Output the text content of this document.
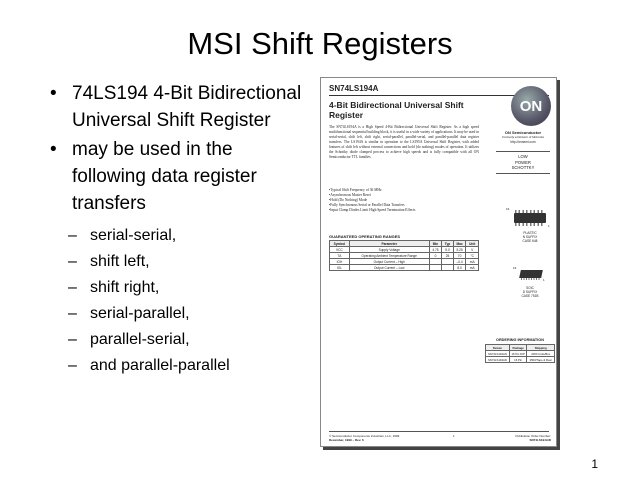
MSI Shift Registers
• 74LS194 4-Bit Bidirectional Universal Shift Register
• may be used in the following data register transfers
– serial-serial,
– shift left,
– shift right,
– serial-parallel,
– parallel-serial,
– and parallel-parallel
SN74LS194A
4-Bit Bidirectional Universal Shift Register
The SN74LS194A is a High Speed 4-Bit Bidirectional Universal Shift Register. As a high speed multifunctional sequential building block, it is useful in a wide variety of applications. It may be used in serial-serial, shift left, shift right, serial-parallel, parallel-serial, and parallel-parallel data register transfers. The LS194A is similar in operation to the LS195A Universal Shift Register, with added features of shift left without external connections and hold (do nothing) modes of operation. It utilizes the Schottky diode clamped process to achieve high speeds and is fully compatible with all ON Semiconductor TTL families.
• Typical Shift Frequency of 36 MHz
• Asynchronous Master Reset
• Hold (Do Nothing) Mode
• Fully Synchronous Serial or Parallel Data Transfers
• Input Clamp Diodes Limit High Speed Termination Effects
GUARANTEED OPERATING RANGES
Symbol	Parameter	Min	Typ	Max	Unit
VCC	Supply Voltage	4.75	5.0	5.25	V
TA	Operating Ambient Temperature Range	0	25	70	°C
IOH	Output Current – High			–0.4	mA
IOL	Output Current – Low			8.0	mA
ON
ON Semiconductor
Formerly a Division of Motorola
http://onsemi.com
LOW
POWER
SCHOTTKY
16
1
PLASTIC
N SUFFIX
CASE 648
16
1
SOIC
D SUFFIX
CASE 751B
ORDERING INFORMATION
Device	Package	Shipping
SN74LS194AN	16 Pin DIP	2000 Units/Box
SN74LS194AD	16 Pin	2500/Tape & Reel
© Semiconductor Components Industries, LLC, 1999
December, 1999 – Rev. 6
1	Publication Order Number:
SN74LS194A/D
1
